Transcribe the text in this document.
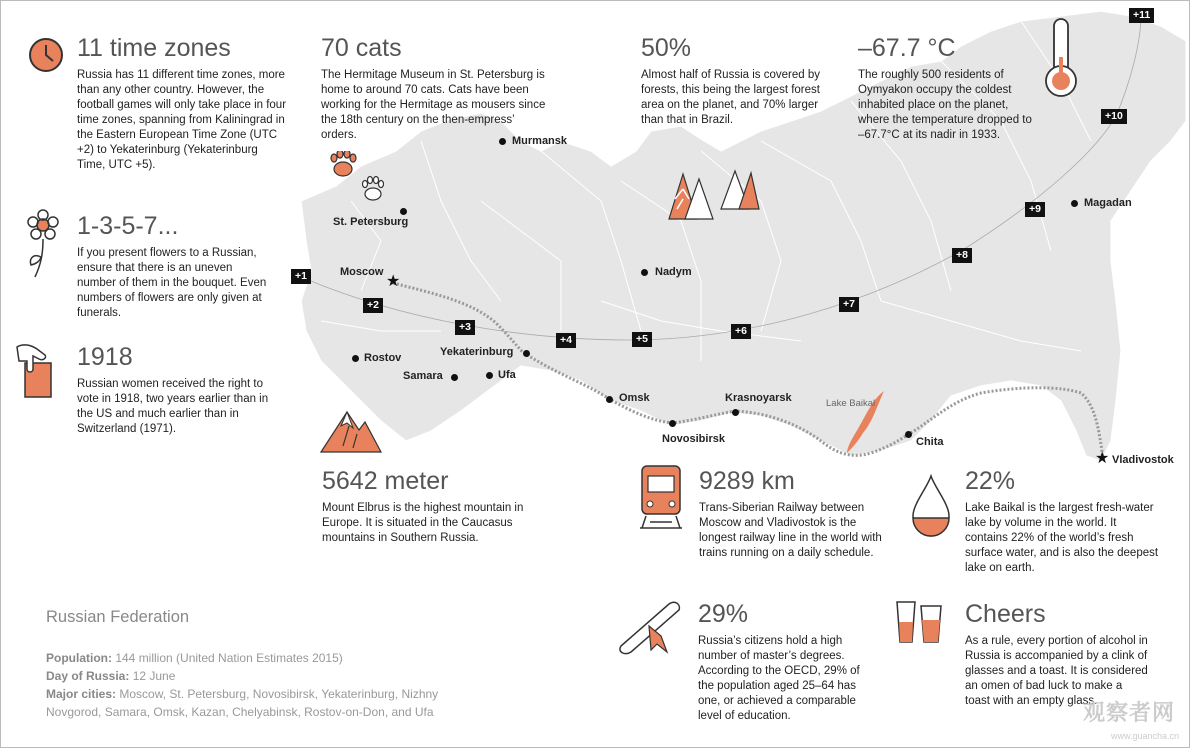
Murmansk
St. Petersburg
★
Moscow	Nadym
Magadan
Rostov	Yekaterinburg
Samara	Ufa
Omsk	Krasnoyarsk
Novosibirsk	Chita
★ Vladivostok
Lake Baikal
+1
+2
+3
+4	+5
+6
+7
+8
+9
+10
+11
11 time zones
Russia has 11 different time zones, more than any other country. However, the football games will only take place in four time zones, spanning from Kaliningrad in the Eastern European Time Zone (UTC +2) to Yekaterinburg (Yekaterinburg Time, UTC +5).
1-3-5-7...
If you present flowers to a Russian, ensure that there is an uneven number of them in the bouquet. Even numbers of flowers are only given at funerals.
1918
Russian women received the right to vote in 1918, two years earlier than in the US and much earlier than in Switzerland (1971).
70 cats
The Hermitage Museum in St. Petersburg is home to around 70 cats. Cats have been working for the Hermitage as mousers since the 18th century on the then-empress’ orders.
50%
Almost half of Russia is covered by forests, this being the largest forest area on the planet, and 70% larger than that in Brazil.
–67.7 °C
The roughly 500 residents of Oymyakon occupy the coldest inhabited place on the planet, where the temperature dropped to –67.7°C at its nadir in 1933.
5642 meter
Mount Elbrus is the highest mountain in Europe. It is situated in the Caucasus mountains in Southern Russia.
9289 km
Trans-Siberian Railway between Moscow and Vladivostok is the longest railway line in the world with trains running on a daily schedule.
22%
Lake Baikal is the largest fresh-water lake by volume in the world. It contains 22% of the world’s fresh surface water, and is also the deepest lake on earth.
29%
Russia’s citizens hold a high number of master’s degrees. According to the OECD, 29% of the population aged 25–64 has one, or achieved a comparable level of education.
Cheers
As a rule, every portion of alcohol in Russia is accompanied by a clink of glasses and a toast. It is considered an omen of bad luck to make a toast with an empty glass.
Russian Federation
Population: 144 million (United Nation Estimates 2015)
Day of Russia: 12 June
Major cities: Moscow, St. Petersburg, Novosibirsk, Yekaterinburg, Nizhny Novgorod, Samara, Omsk, Kazan, Chelyabinsk, Rostov-on-Don, and Ufa	观察者网
www.guancha.cn
